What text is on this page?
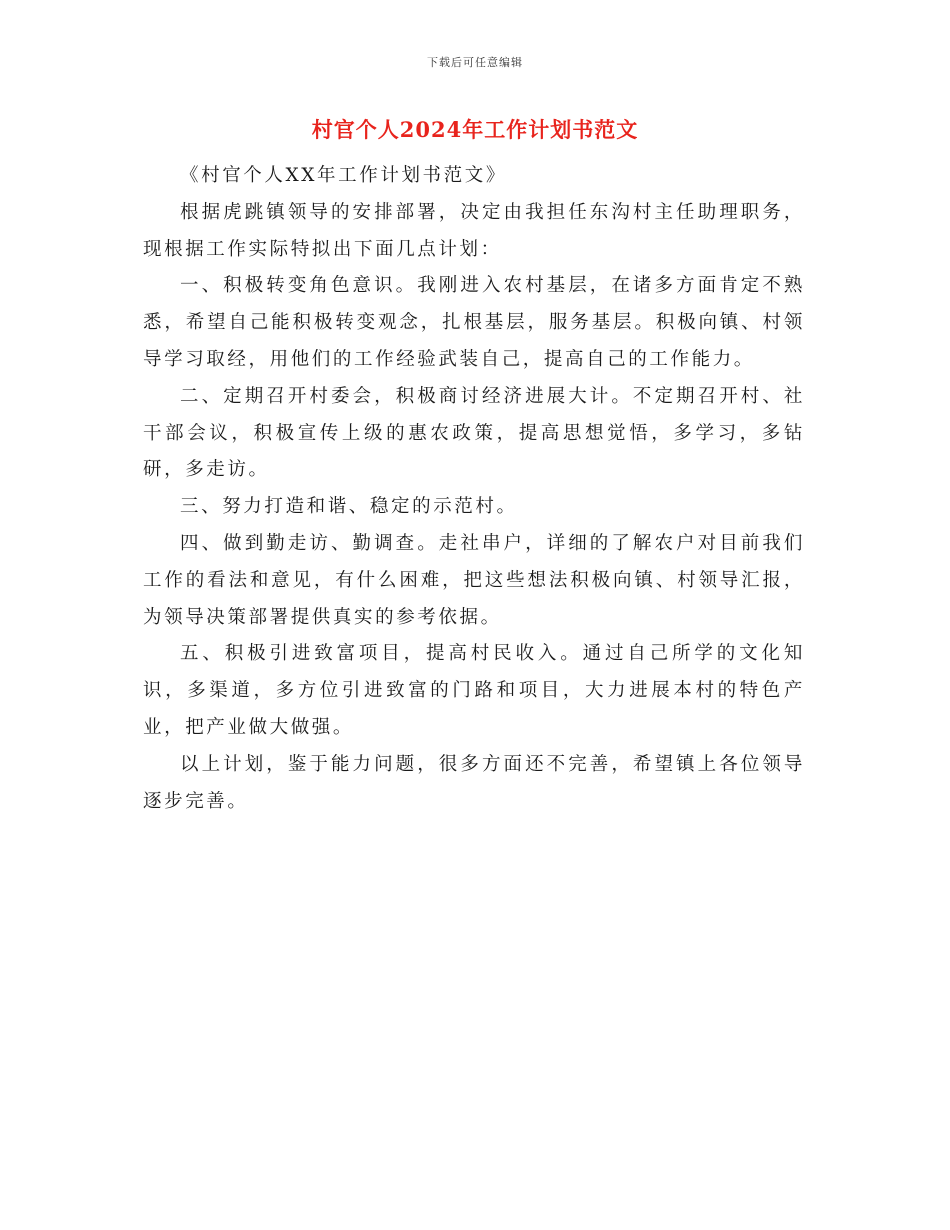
下载后可任意编辑
村官个人2024年工作计划书范文

《村官个人XX年工作计划书范文》

根据虎跳镇领导的安排部署，决定由我担任东沟村主任助理职务，现根据工作实际特拟出下面几点计划：

一、积极转变角色意识。我刚进入农村基层，在诸多方面肯定不熟悉，希望自己能积极转变观念，扎根基层，服务基层。积极向镇、村领导学习取经，用他们的工作经验武装自己，提高自己的工作能力。

二、定期召开村委会，积极商讨经济进展大计。不定期召开村、社干部会议，积极宣传上级的惠农政策，提高思想觉悟，多学习，多钻研，多走访。

三、努力打造和谐、稳定的示范村。

四、做到勤走访、勤调查。走社串户，详细的了解农户对目前我们工作的看法和意见，有什么困难，把这些想法积极向镇、村领导汇报，为领导决策部署提供真实的参考依据。

五、积极引进致富项目，提高村民收入。通过自己所学的文化知识，多渠道，多方位引进致富的门路和项目，大力进展本村的特色产业，把产业做大做强。

以上计划，鉴于能力问题，很多方面还不完善，希望镇上各位领导逐步完善。
